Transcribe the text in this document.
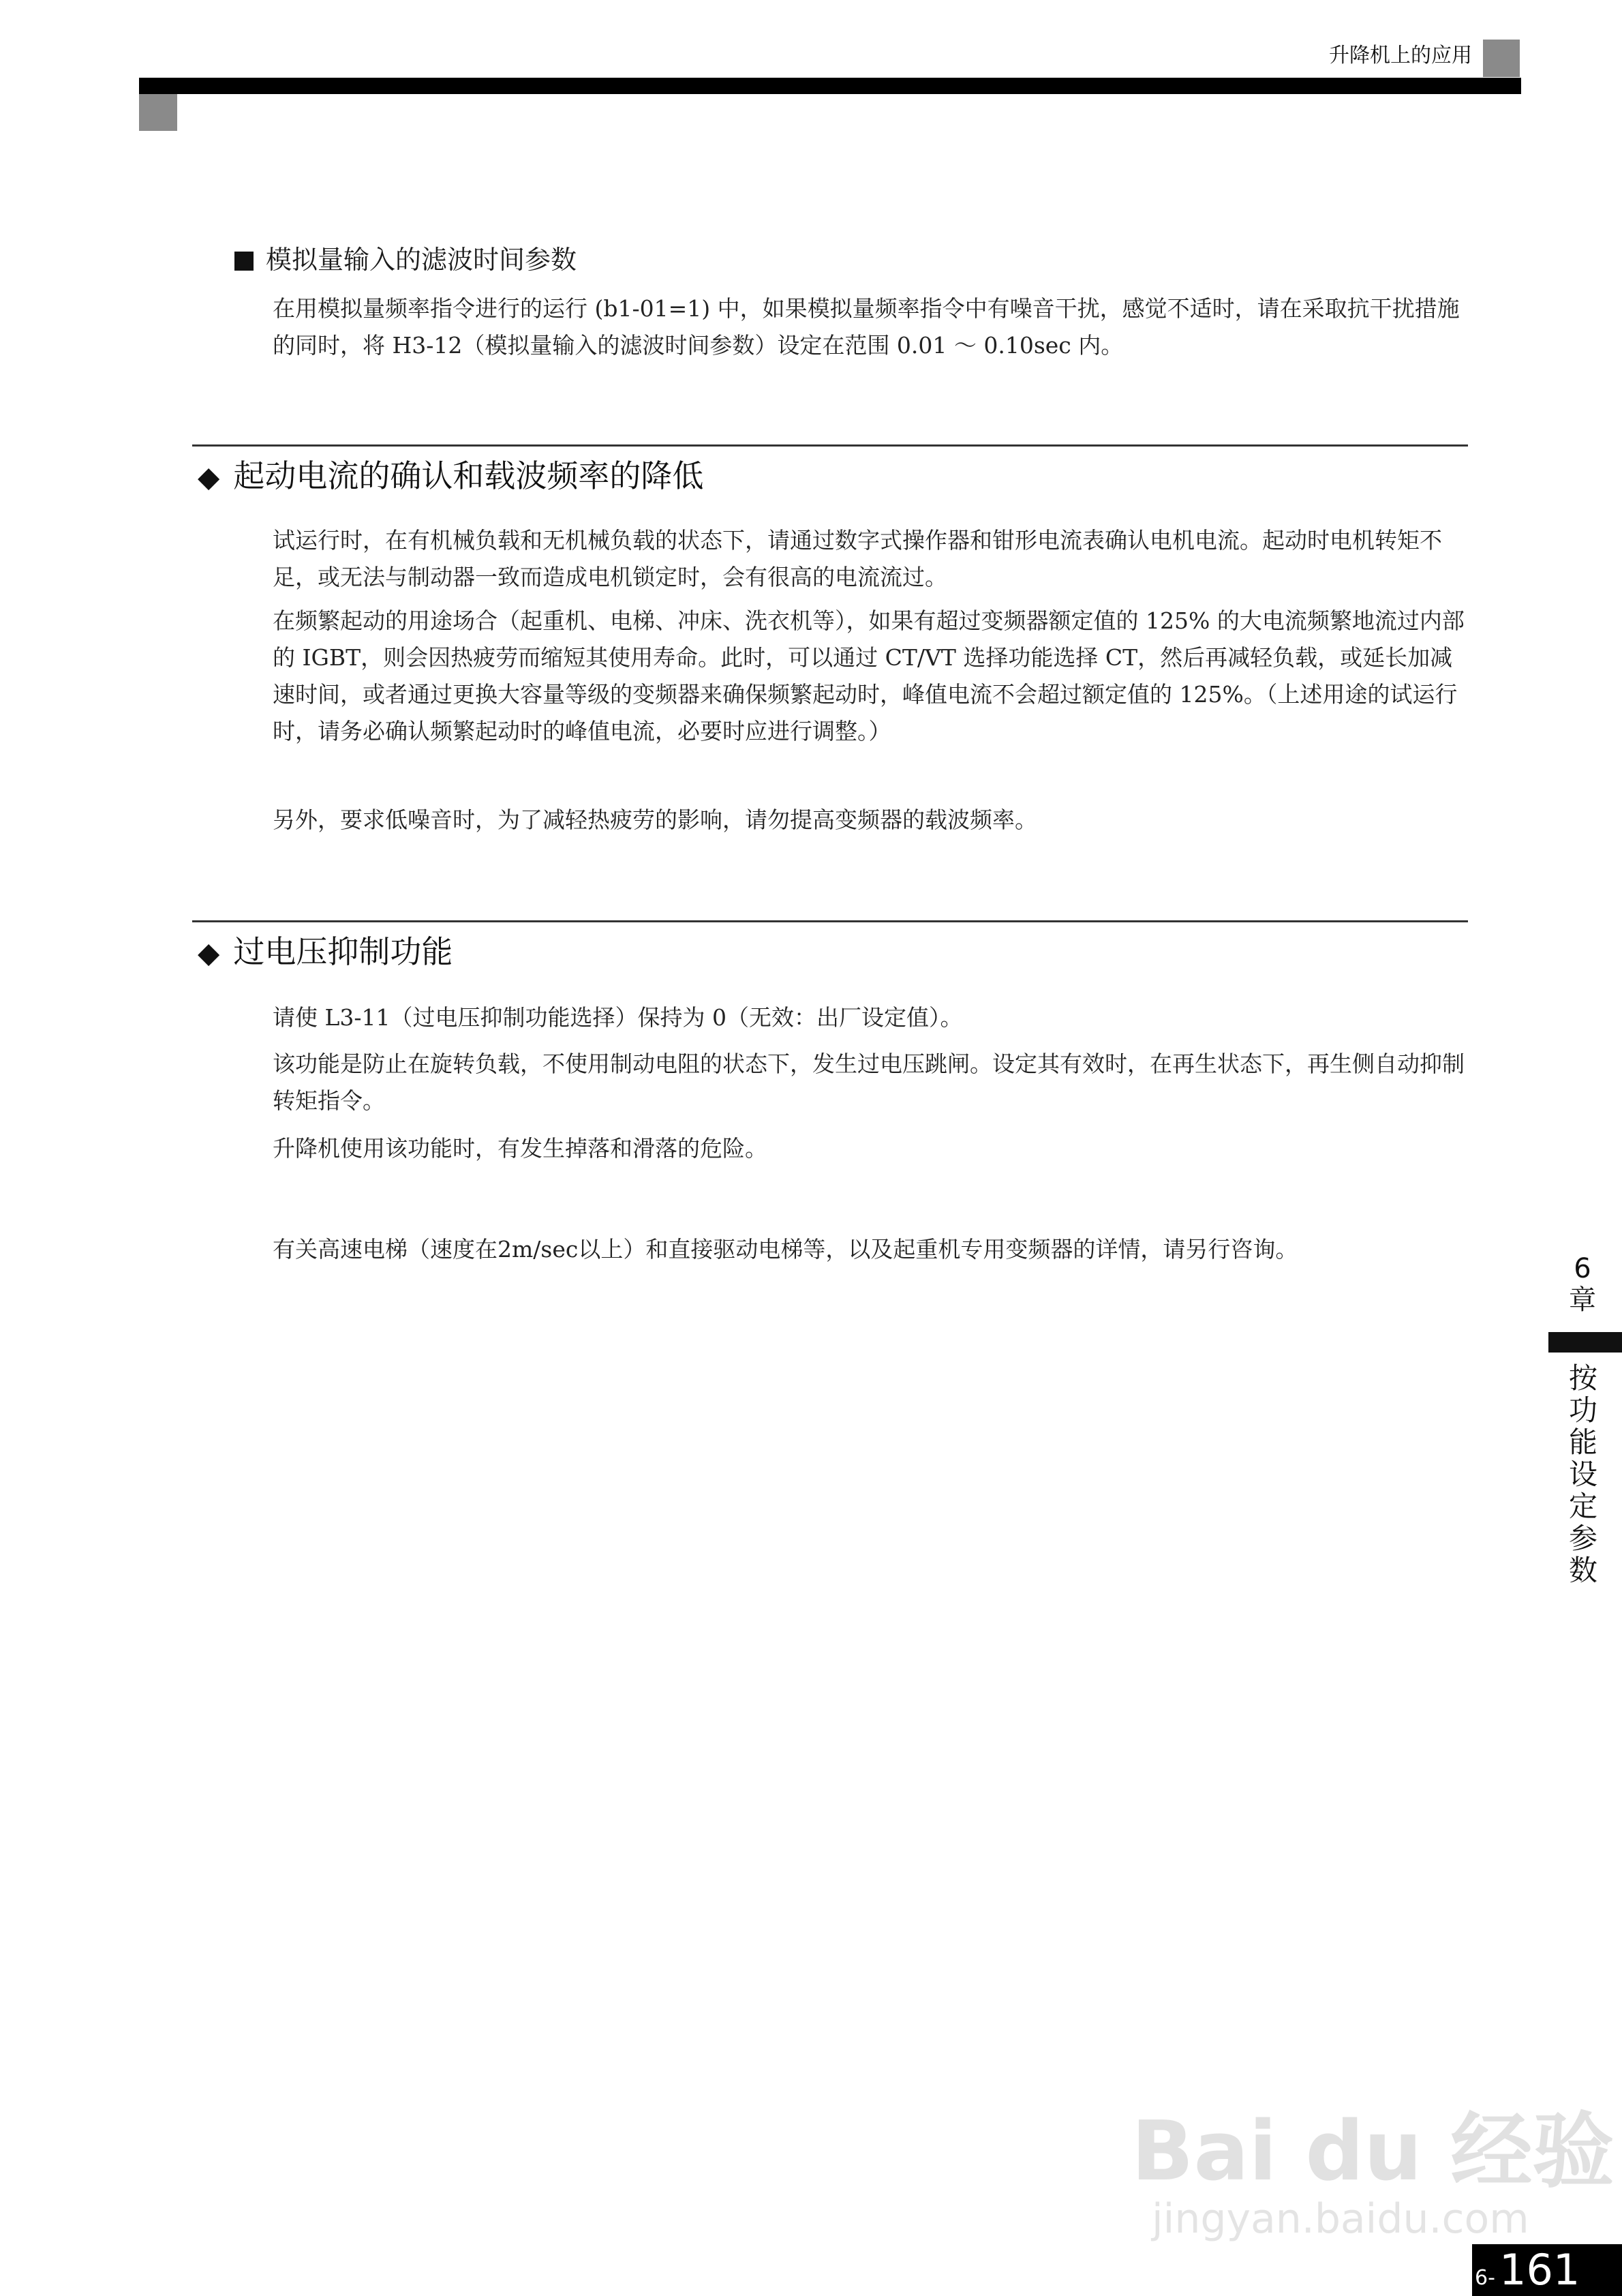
升降机上的应用
模拟量输入的滤波时间参数

在用模拟量频率指令进行的运行 (b1-01=1) 中，如果模拟量频率指令中有噪音干扰，感觉不适时，请在采取抗干扰措施的同时，将 H3-12（模拟量输入的滤波时间参数）设定在范围 0.01 ～ 0.10sec 内。

◆ 起动电流的确认和载波频率的降低

试运行时，在有机械负载和无机械负载的状态下，请通过数字式操作器和钳形电流表确认电机电流。起动时电机转矩不足，或无法与制动器一致而造成电机锁定时，会有很高的电流流过。

在频繁起动的用途场合（起重机、电梯、冲床、洗衣机等），如果有超过变频器额定值的 125% 的大电流频繁地流过内部的 IGBT，则会因热疲劳而缩短其使用寿命。此时，可以通过 CT/VT 选择功能选择 CT，然后再减轻负载，或延长加减速时间，或者通过更换大容量等级的变频器来确保频繁起动时，峰值电流不会超过额定值的 125%。（上述用途的试运行时，请务必确认频繁起动时的峰值电流，必要时应进行调整。）

另外，要求低噪音时，为了减轻热疲劳的影响，请勿提高变频器的载波频率。

◆ 过电压抑制功能

请使 L3-11（过电压抑制功能选择）保持为 0（无效：出厂设定值）。

该功能是防止在旋转负载，不使用制动电阻的状态下，发生过电压跳闸。设定其有效时，在再生状态下，再生侧自动抑制转矩指令。

升降机使用该功能时，有发生掉落和滑落的危险。

有关高速电梯（速度在2m/sec以上）和直接驱动电梯等，以及起重机专用变频器的详情，请另行咨询。

6
章
按功能设定参数
Bai du 经验
jingyan.baidu.com
6- 161
